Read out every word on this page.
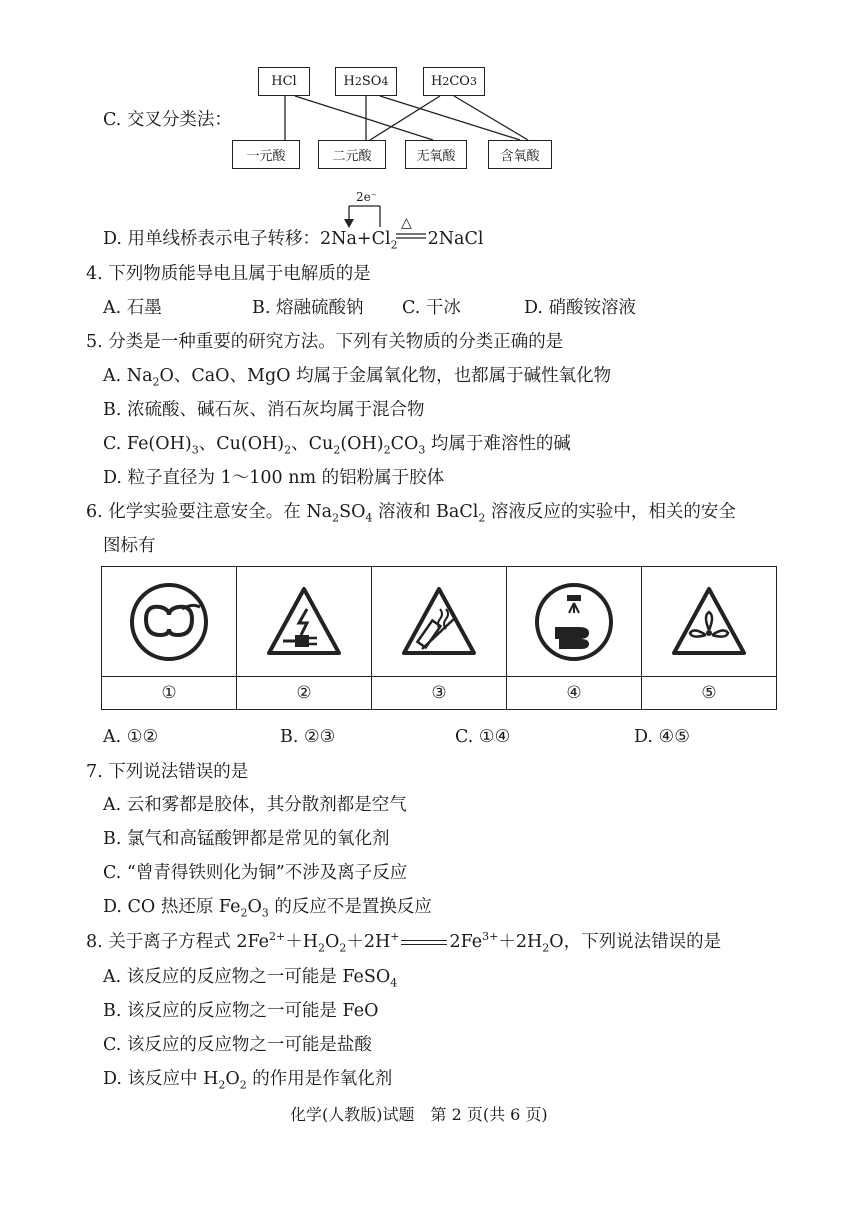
C. 交叉分类法：
HCl	H 2 SO 4	H 2 CO 3
一元酸	二元酸	无氧酸	含氧酸
2e⁻
D. 用单线桥表示电子转移：$2Na+Cl_2$ 2NaCl
△
4. 下列物质能导电且属于电解质的是
A. 石墨	B. 熔融硫酸钠 C. 干冰	D. 硝酸铵溶液
5. 分类是一种重要的研究方法。下列有关物质的分类正确的是
A. $Na_2O$、CaO、MgO 均属于金属氧化物，也都属于碱性氧化物
B. 浓硫酸、碱石灰、消石灰均属于混合物
C. $Fe(OH)_3$、$Cu(OH)_2$、$Cu_2(OH)_2CO_3$ 均属于难溶性的碱
D. 粒子直径为 1～100 nm 的铝粉属于胶体
6. 化学实验要注意安全。在 $Na_2SO_4$ 溶液和 BaCl$_2$ 溶液反应的实验中，相关的安全
图标有

①	②	③	④	⑤
A. ①②	B. ②③	C. ①④	D. ④⑤
7. 下列说法错误的是
A. 云和雾都是胶体，其分散剂都是空气
B. 氯气和高锰酸钾都是常见的氧化剂
C. “曾青得铁则化为铜”不涉及离子反应
D. CO 热还原 $Fe_2O_3$ 的反应不是置换反应
8. 关于离子方程式 $2Fe^{2+}+H_2O_2+2H^+$	$2Fe^{3+}+2H_2O$，下列说法错误的是
A. 该反应的反应物之一可能是 FeSO$_4$
B. 该反应的反应物之一可能是 FeO
C. 该反应的反应物之一可能是盐酸
D. 该反应中 $H_2O_2$ 的作用是作氧化剂
化学(人教版)试题　第 2 页(共 6 页)
